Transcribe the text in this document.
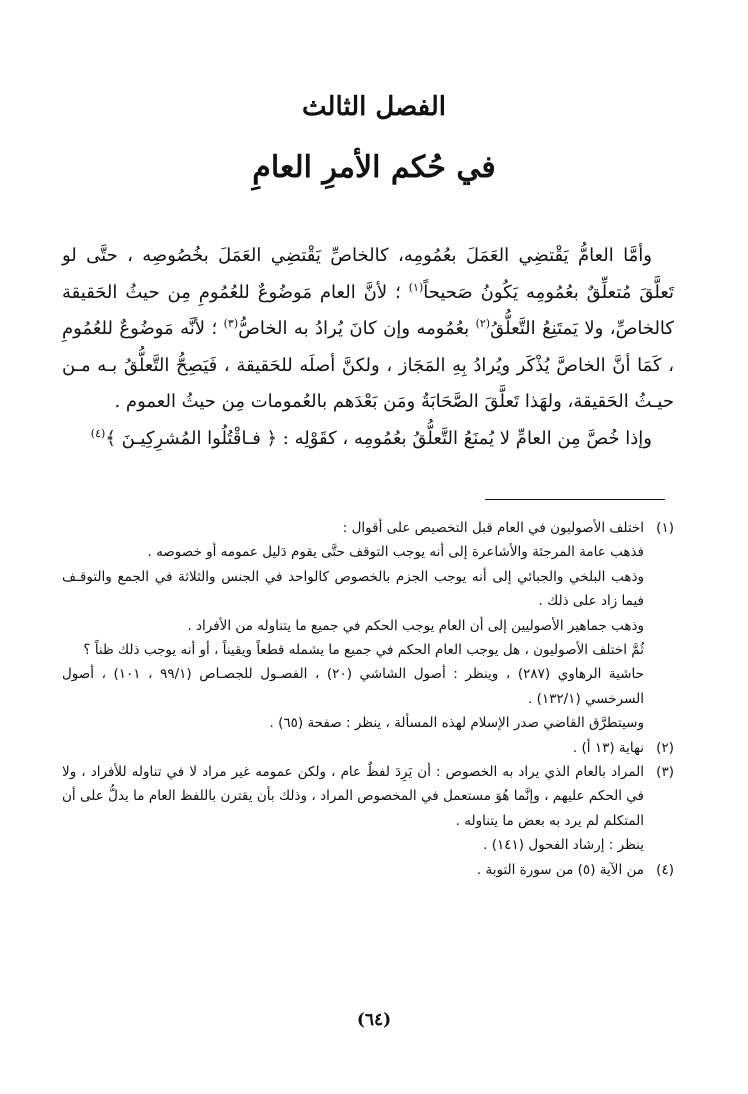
الفصل الثالث
في حُكم الأمرِ العامِ

وأمَّا العامُّ يَقْتضِي العَمَلَ بعُمُومِه، كالخاصِّ يَقْتضِي العَمَلَ بخُصُوصِه ، حتَّى لو تَعلَّقَ مُتعلِّقٌ بعُمُومِه يَكُونُ صَحيحاً$^{(١)}$ ؛ لأنَّ العام مَوضُوعٌ للعُمُومِ مِن حيثُ الحَقيقة كالخاصِّ، ولا يَمتَنِعُ التَّعلُّقُ$^{(٢)}$ بعُمُومه وإن كانَ يُرادُ به الخاصُّ$^{(٣)}$ ؛ لأنَّه مَوضُوعٌ للعُمُومِ ، كَمَا أنَّ الخاصَّ يُذْكَر ويُرادُ بِهِ المَجَاز ، ولكنَّ أصلَه للحَقيقة ، فَيَصِحُّ التَّعلُّقُ بـه مـن حيـثُ الحَقيقة، ولهَذا تَعلَّقَ الصَّحَابَةُ ومَن بَعْدَهم بالعُمومات مِن حيثُ العموم .

وإذا خُصَّ مِن العامِّ لا يُمنَعُ التَّعلُّقُ بعُمُومِه ، كقَوْلِه : ﴿ فـاقْتُلُوا المُشرِكِيـنَ ﴾$^{(٤)}$

(١)

اختلف الأصوليون في العام قبل التخصيص على أقوال :

فذهب عامة المرجئة والأشاعرة إلى أنه يوجب التوقف حتَّى يقوم دَليل عمومه أو خصوصه .

وذهب البلخي والجبائي إلى أنه يوجب الجزم بالخصوص كالواحد في الجنس والثلاثة في الجمع والتوقـف فيما زاد على ذلك .

وذهب جماهير الأصوليين إلى أن العام يوجب الحكم في جميع ما يتناوله من الأفراد .

ثُمَّ اختلف الأصوليون ، هل يوجب العام الحكم في جميع ما يشمله قطعاً ويقيناً ، أو أنه يوجب ذلك ظناً ؟

حاشية الرهاوي (٢٨٧) ، وينظر : أصول الشاشي (٢٠) ، الفصـول للجصـاص (٩٩/١ ، ١٠١) ، أصول السرخسي (١٣٢/١) .

وسيتطرَّق القاضي صدر الإسلام لهذه المسألة ، ينظر : صفحة (٦٥) .

(٢)

نهاية (١٣ أ) .

(٣)

المراد بالعام الذي يراد به الخصوص : أن يَرِدَ لفظٌ عام ، ولكن عمومه غير مراد لا في تناوله للأفراد ، ولا في الحكم عليهم ، وإنَّما هُوَ مستعمل في المخصوص المراد ، وذلك بأن يقترن باللفظ العام ما يدلُّ على أن المتكلم لم يرد به بعض ما يتناوله .

ينظر : إرشاد الفحول (١٤١) .

(٤)

من الآية (٥) من سورة التوبة .

(٦٤)
